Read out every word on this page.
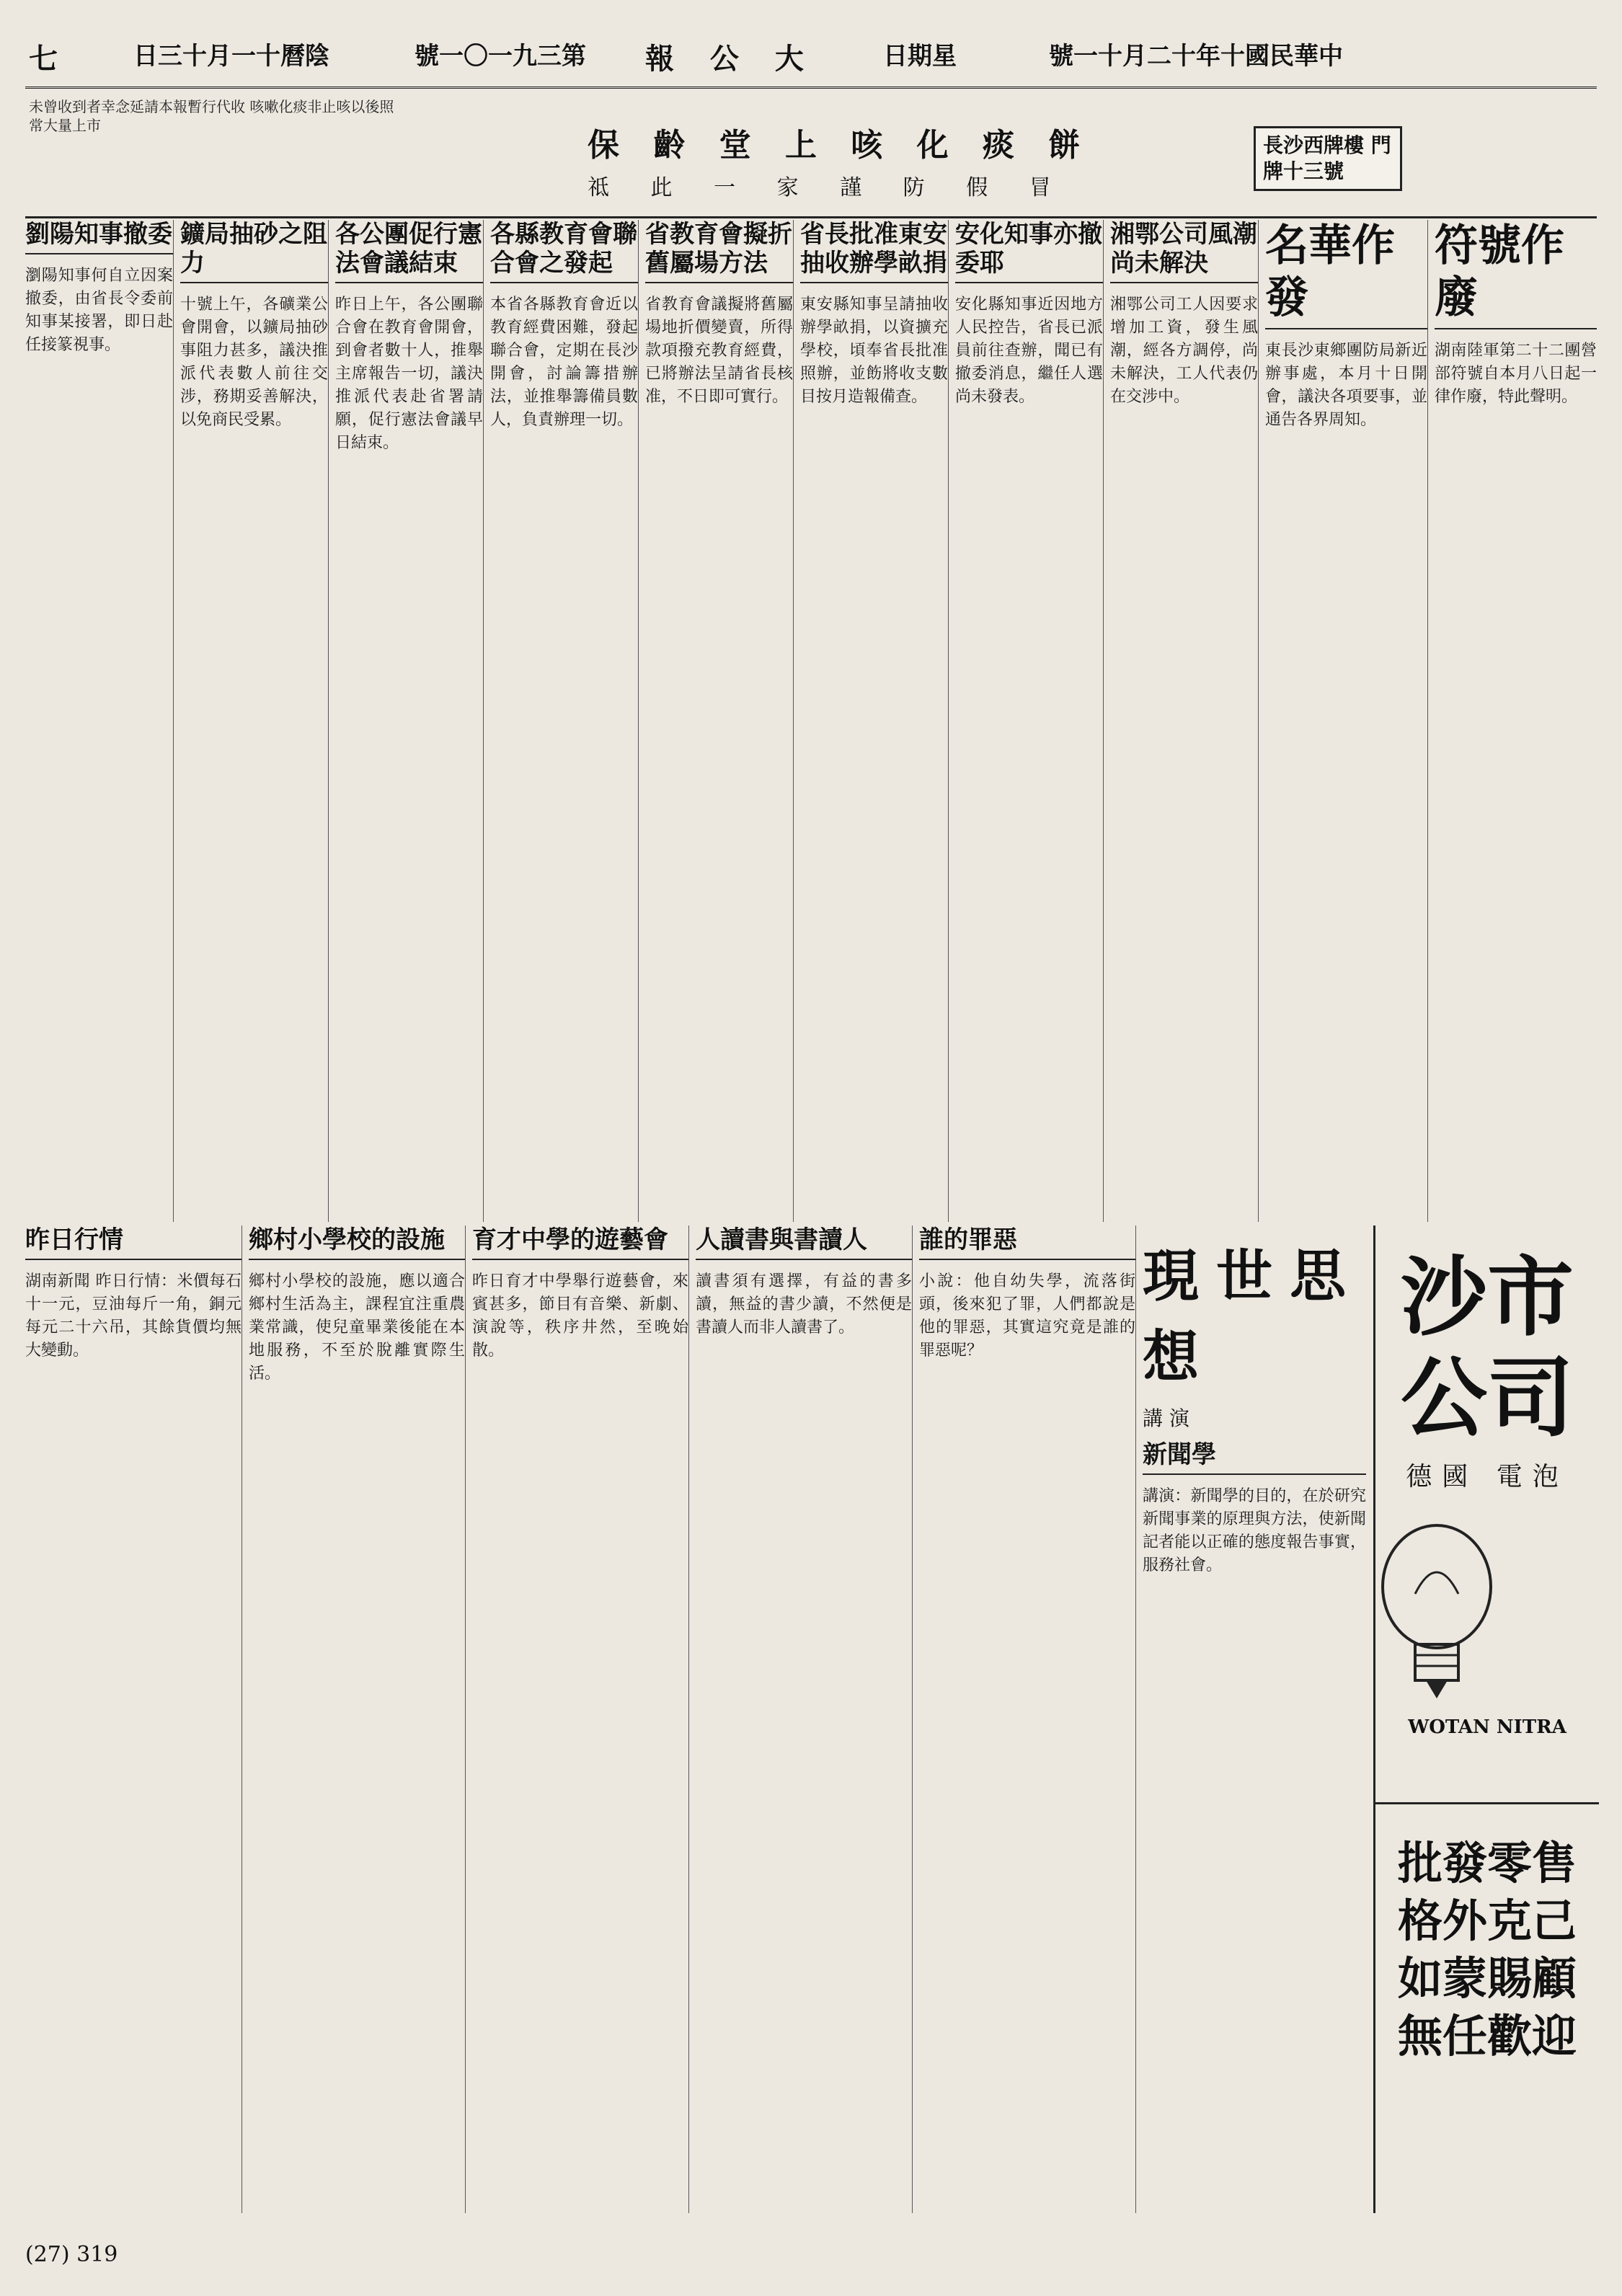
七	日三十月一十曆陰	號一〇一九三第 報 公 大	日期星	號一十月二十年十國民華中
未曾收到者幸念延請本報暫行代收 咳嗽化痰非止咳以後照常大量上市
保 齡 堂 上 咳 化 痰 餅
祗 此 一 家 謹 防 假 冒
長沙西牌樓 門牌十三號
劉陽知事撤委

瀏陽知事何自立因案撤委，由省長令委前知事某接署，即日赴任接篆視事。

鑛局抽砂之阻力

十號上午，各礦業公會開會，以鑛局抽砂事阻力甚多，議決推派代表數人前往交涉，務期妥善解決，以免商民受累。

各公團促行憲法會議結束

昨日上午，各公團聯合會在教育會開會，到會者數十人，推舉主席報告一切，議決推派代表赴省署請願，促行憲法會議早日結束。

各縣教育會聯合會之發起

本省各縣教育會近以教育經費困難，發起聯合會，定期在長沙開會，討論籌措辦法，並推舉籌備員數人，負責辦理一切。

省教育會擬折舊屬場方法

省教育會議擬將舊屬場地折價變賣，所得款項撥充教育經費，已將辦法呈請省長核准，不日即可實行。

省長批准東安抽收辦學畝捐

東安縣知事呈請抽收辦學畝捐，以資擴充學校，頃奉省長批准照辦，並飭將收支數目按月造報備查。

安化知事亦撤委耶

安化縣知事近因地方人民控告，省長已派員前往查辦，聞已有撤委消息，繼任人選尚未發表。

湘鄂公司風潮尚未解決

湘鄂公司工人因要求增加工資，發生風潮，經各方調停，尚未解決，工人代表仍在交涉中。

名華作發

東長沙東鄉團防局新近辦事處，本月十日開會，議決各項要事，並通告各界周知。

符號作廢

湖南陸軍第二十二團營部符號自本月八日起一律作廢，特此聲明。

昨日行情

湖南新聞 昨日行情：米價每石十一元，豆油每斤一角，銅元每元二十六吊，其餘貨價均無大變動。

鄉村小學校的設施

鄉村小學校的設施，應以適合鄉村生活為主，課程宜注重農業常識，使兒童畢業後能在本地服務，不至於脫離實際生活。

育才中學的遊藝會

昨日育才中學舉行遊藝會，來賓甚多，節目有音樂、新劇、演說等，秩序井然，至晚始散。

人讀書與書讀人

讀書須有選擇，有益的書多讀，無益的書少讀，不然便是書讀人而非人讀書了。

誰的罪惡

小說：他自幼失學，流落街頭，後來犯了罪，人們都說是他的罪惡，其實這究竟是誰的罪惡呢？

現世思想
講 演
新聞學

講演：新聞學的目的，在於研究新聞事業的原理與方法，使新聞記者能以正確的態度報告事實，服務社會。

沙市 公司
德國 電泡
WOTAN NITRA
批發零售 格外克己 如蒙賜顧 無任歡迎
(27) 319
